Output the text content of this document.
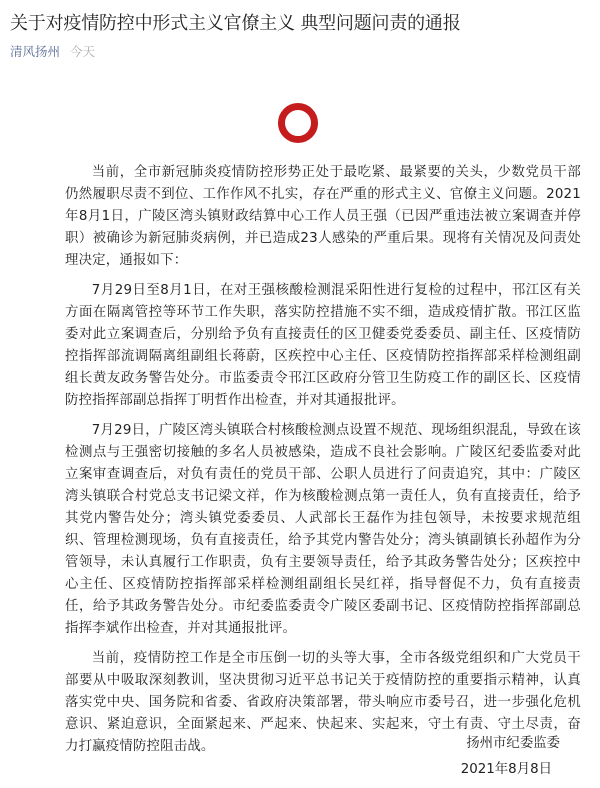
关于对疫情防控中形式主义官僚主义 典型问题问责的通报
清风扬州 今天

当前，全市新冠肺炎疫情防控形势正处于最吃紧、最紧要的关头，少数党员干部仍然履职尽责不到位、工作作风不扎实，存在严重的形式主义、官僚主义问题。2021年8月1日，广陵区湾头镇财政结算中心工作人员王强（已因严重违法被立案调查并停职）被确诊为新冠肺炎病例，并已造成23人感染的严重后果。现将有关情况及问责处理决定，通报如下：

7月29日至8月1日，在对王强核酸检测混采阳性进行复检的过程中，邗江区有关方面在隔离管控等环节工作失职，落实防控措施不实不细，造成疫情扩散。邗江区监委对此立案调查后，分别给予负有直接责任的区卫健委党委委员、副主任、区疫情防控指挥部流调隔离组副组长蒋蔚，区疾控中心主任、区疫情防控指挥部采样检测组副组长黄友政务警告处分。市监委责令邗江区政府分管卫生防疫工作的副区长、区疫情防控指挥部副总指挥丁明哲作出检查，并对其通报批评。

7月29日，广陵区湾头镇联合村核酸检测点设置不规范、现场组织混乱，导致在该检测点与王强密切接触的多名人员被感染，造成不良社会影响。广陵区纪委监委对此立案审查调查后，对负有责任的党员干部、公职人员进行了问责追究，其中：广陵区湾头镇联合村党总支书记梁文祥，作为核酸检测点第一责任人，负有直接责任，给予其党内警告处分；湾头镇党委委员、人武部长王磊作为挂包领导，未按要求规范组织、管理检测现场，负有直接责任，给予其党内警告处分；湾头镇副镇长孙超作为分管领导，未认真履行工作职责，负有主要领导责任，给予其政务警告处分；区疾控中心主任、区疫情防控指挥部采样检测组副组长吴红祥，指导督促不力，负有直接责任，给予其政务警告处分。市纪委监委责令广陵区委副书记、区疫情防控指挥部副总指挥李斌作出检查，并对其通报批评。

当前，疫情防控工作是全市压倒一切的头等大事，全市各级党组织和广大党员干部要从中吸取深刻教训，坚决贯彻习近平总书记关于疫情防控的重要指示精神，认真落实党中央、国务院和省委、省政府决策部署，带头响应市委号召，进一步强化危机意识、紧迫意识，全面紧起来、严起来、快起来、实起来，守土有责、守土尽责，奋力打赢疫情防控阻击战。	扬州市纪委监委
2021年8月8日
